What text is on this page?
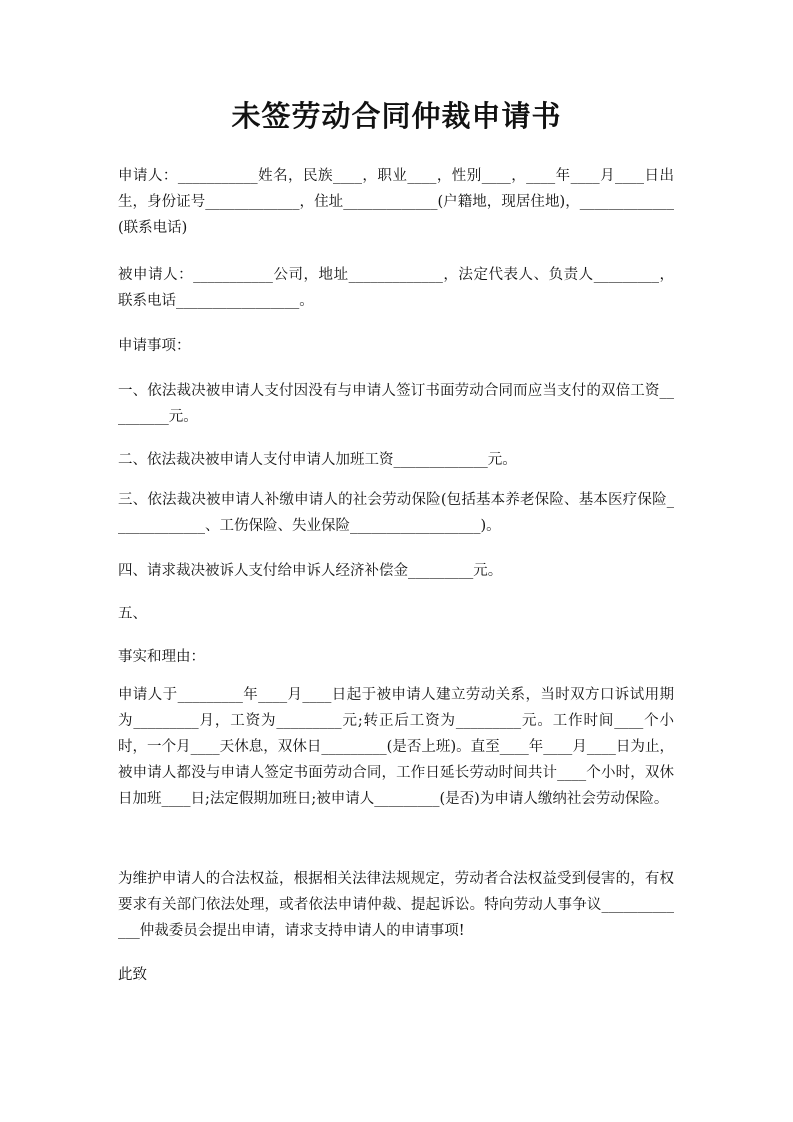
未签劳动合同仲裁申请书
申请人：___________姓名，民族____，职业____，性别____，____年____月____日出生，身份证号_____________，住址_____________(户籍地，现居住地)，_____________(联系电话)
被申请人：___________公司，地址_____________，法定代表人、负责人_________，联系电话_________________。
申请事项：
一、依法裁决被申请人支付因没有与申请人签订书面劳动合同而应当支付的双倍工资_________元。
二、依法裁决被申请人支付申请人加班工资_____________元。
三、依法裁决被申请人补缴申请人的社会劳动保险(包括基本养老保险、基本医疗保险_____________、工伤保险、失业保险__________________)。
四、请求裁决被诉人支付给申诉人经济补偿金_________元。
五、
事实和理由：
申请人于_________年____月____日起于被申请人建立劳动关系，当时双方口诉试用期为_________月，工资为_________元;转正后工资为_________元。工作时间____个小时，一个月____天休息，双休日_________(是否上班)。直至____年____月____日为止，被申请人都没与申请人签定书面劳动合同，工作日延长劳动时间共计____个小时，双休日加班____日;法定假期加班日;被申请人_________(是否)为申请人缴纳社会劳动保险。
为维护申请人的合法权益，根据相关法律法规规定，劳动者合法权益受到侵害的，有权要求有关部门依法处理，或者依法申请仲裁、提起诉讼。特向劳动人事争议_____________仲裁委员会提出申请，请求支持申请人的申请事项!
此致
